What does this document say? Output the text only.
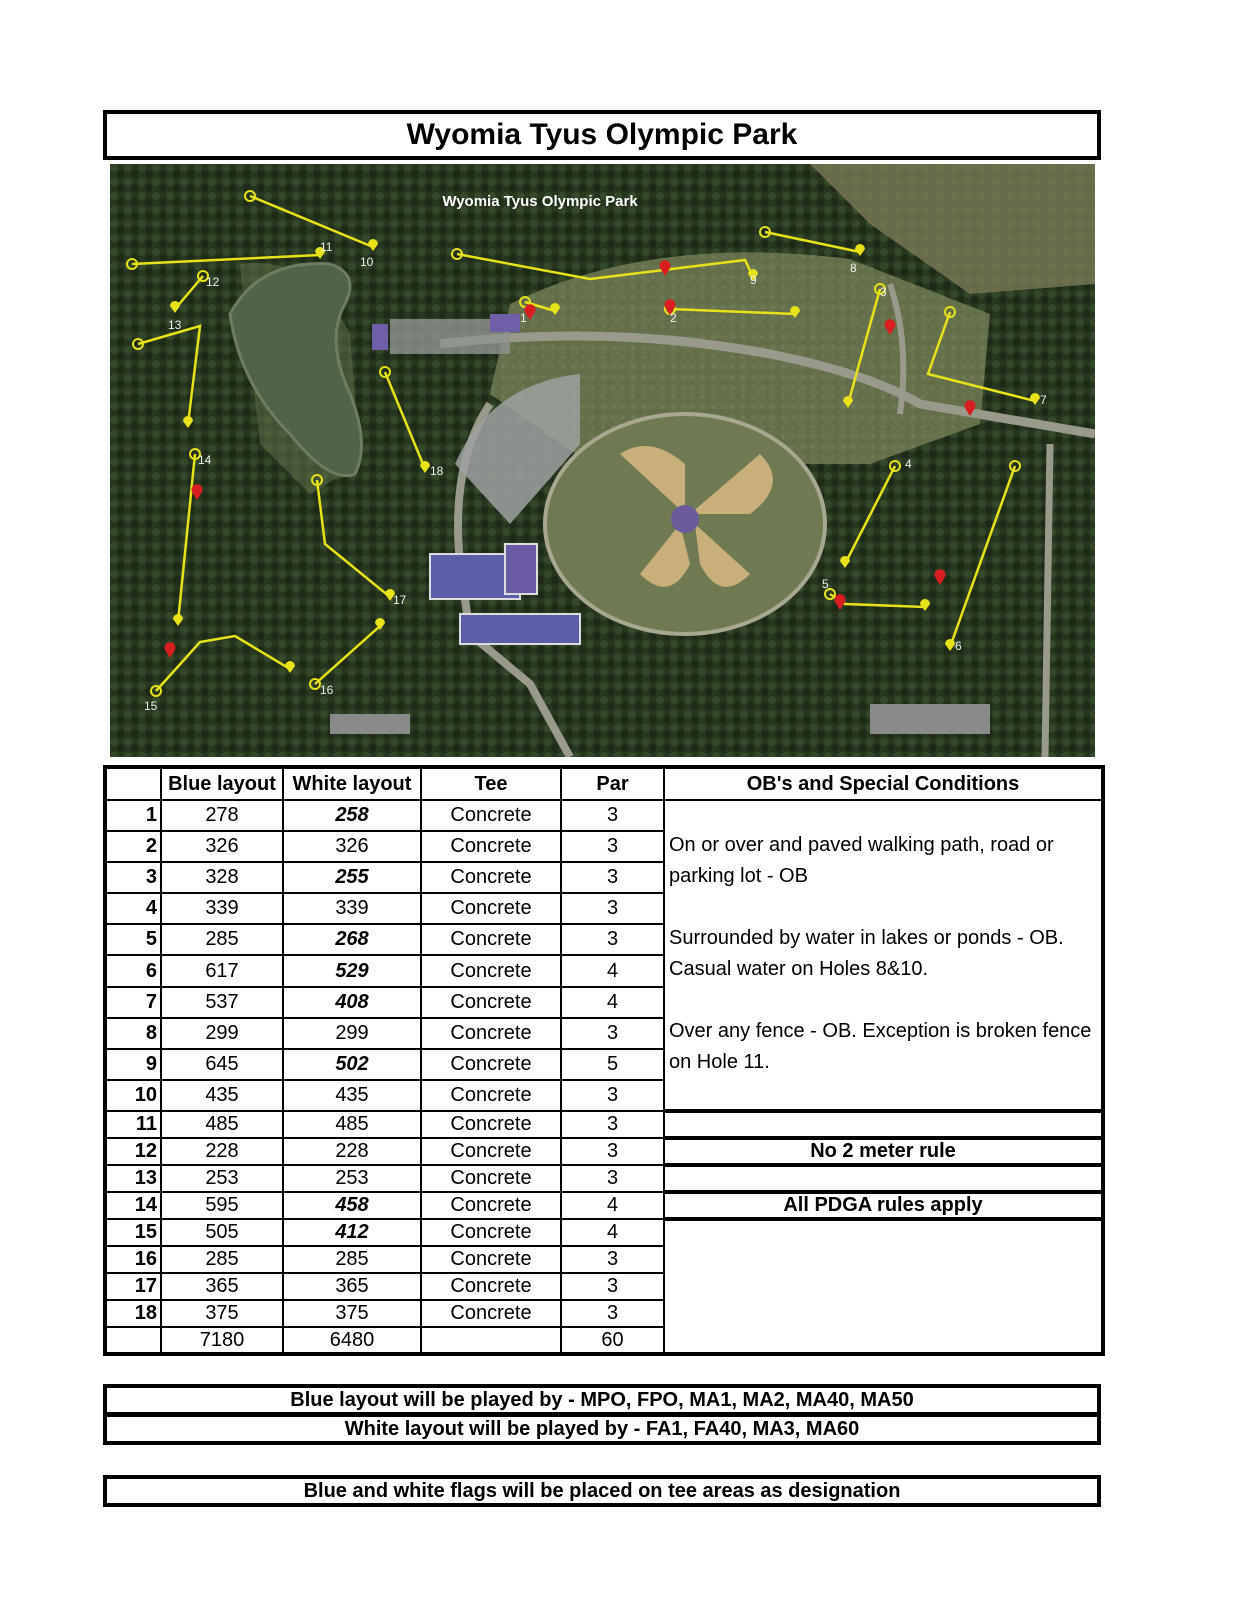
Wyomia Tyus Olympic Park
1	2
3
4
5
6
7
8
9
10
11
12
13
14
15
16
17
18
Wyomia Tyus Olympic Park
	Blue layout	White layout	Tee	Par	OB's and Special Conditions
1	278	258	Concrete	3	On or over and paved walking path, road or parking lot - OB
Surrounded by water in lakes or ponds - OB. Casual water on Holes 8&10.
Over any fence - OB. Exception is broken fence on Hole 11.

2	326	326	Concrete	3	
3	328	255	Concrete	3	
4	339	339	Concrete	3	
5	285	268	Concrete	3	
6	617	529	Concrete	4	
7	537	408	Concrete	4	
8	299	299	Concrete	3	
9	645	502	Concrete	5	
10	435	435	Concrete	3	
11	485	485	Concrete	3	
12	228	228	Concrete	3	No 2 meter rule
13	253	253	Concrete	3	
14	595	458	Concrete	4	All PDGA rules apply
15	505	412	Concrete	4	
16	285	285	Concrete	3	
17	365	365	Concrete	3	
18	375	375	Concrete	3	
	7180	6480		60	
Blue layout will be played by - MPO, FPO, MA1, MA2, MA40, MA50
White layout will be played by - FA1, FA40, MA3, MA60
Blue and white flags will be placed on tee areas as designation
